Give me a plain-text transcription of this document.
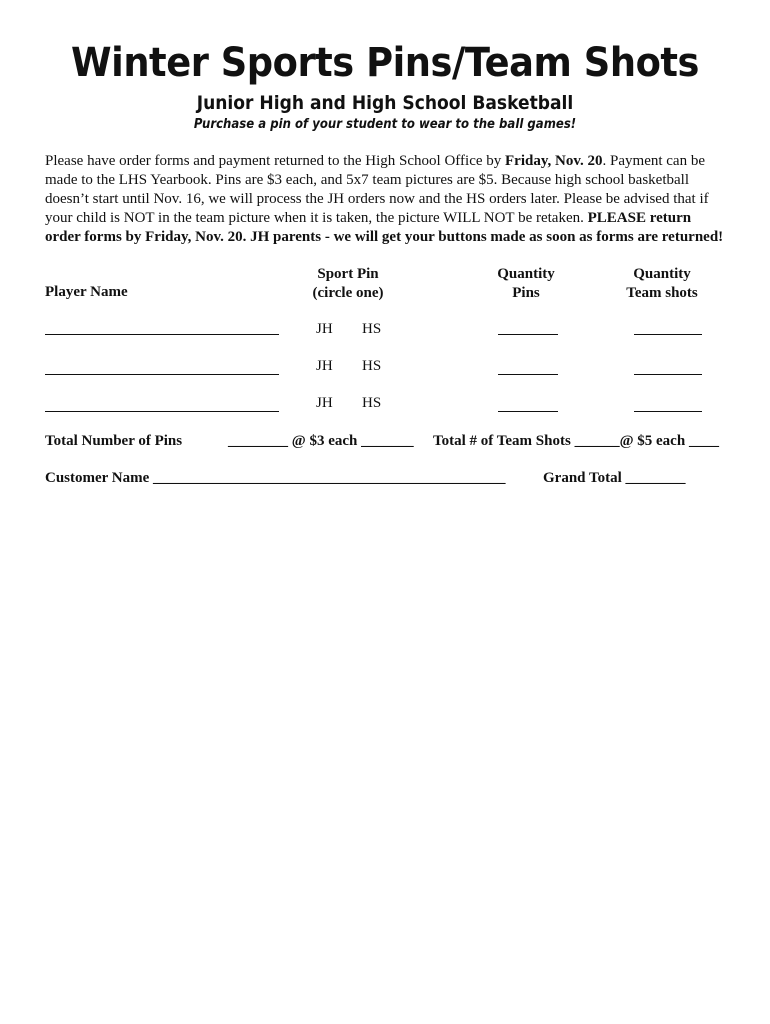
Winter Sports Pins/Team Shots
Junior High and High School Basketball
Purchase a pin of your student to wear to the ball games!
Please have order forms and payment returned to the High School Office by Friday, Nov. 20. Payment can be made to the LHS Yearbook. Pins are $3 each, and 5x7 team pictures are $5. Because high school basketball doesn’t start until Nov. 16, we will process the JH orders now and the HS orders later. Please be advised that if your child is NOT in the team picture when it is taken, the picture WILL NOT be retaken. PLEASE return order forms by Friday, Nov. 20. JH parents - we will get your buttons made as soon as forms are returned!
Player Name
Sport Pin
(circle one)
Quantity
Pins
Quantity
Team shots
JH HS
JH HS
JH HS
Total Number of Pins	________ @ $3 each _______ Total # of Team Shots ______@ $5 each ____
Customer Name _______________________________________________ Grand Total ________
